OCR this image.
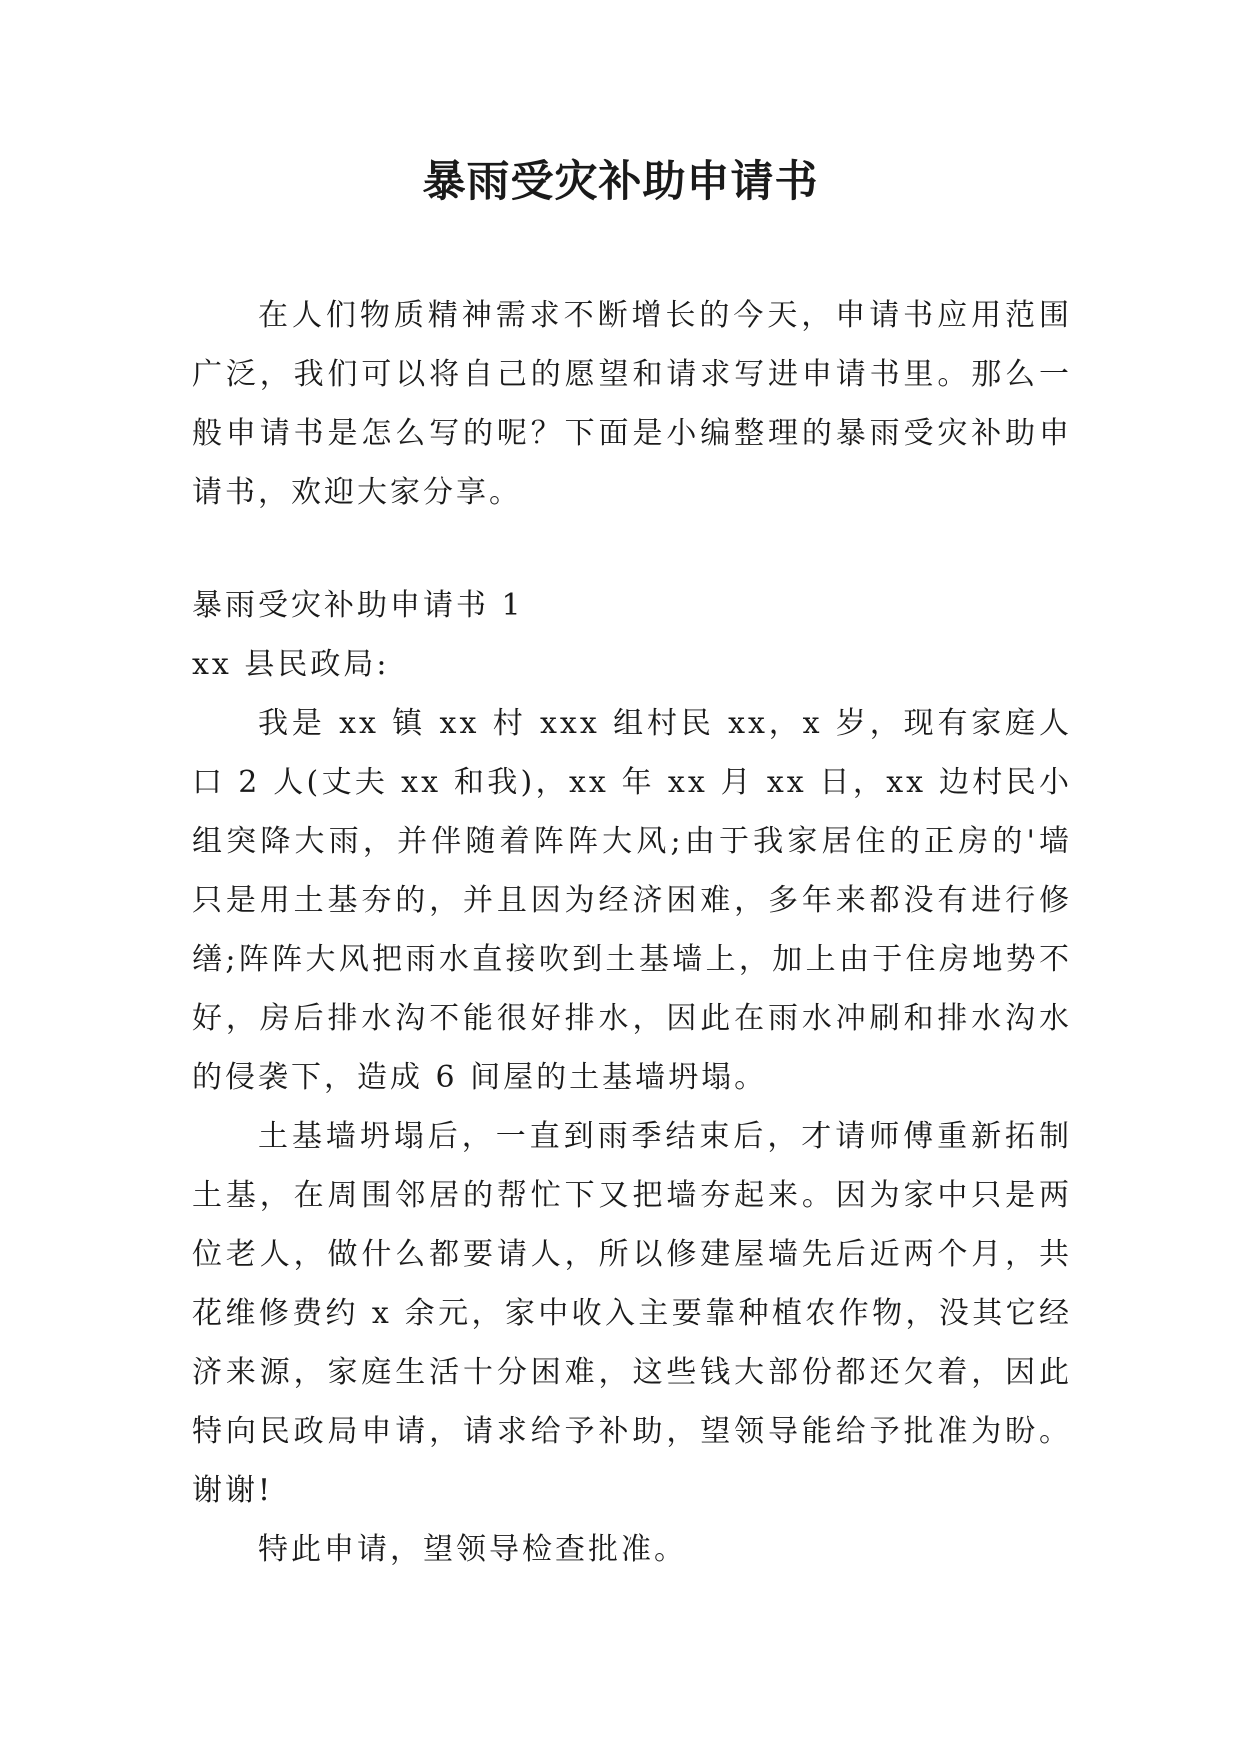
暴雨受灾补助申请书

在人们物质精神需求不断增长的今天，申请书应用范围广泛，我们可以将自己的愿望和请求写进申请书里。那么一般申请书是怎么写的呢？下面是小编整理的暴雨受灾补助申请书，欢迎大家分享。

暴雨受灾补助申请书 1

xx 县民政局:

我是 xx 镇 xx 村 xxx 组村民 xx，x 岁，现有家庭人口 2 人(丈夫 xx 和我)，xx 年 xx 月 xx 日，xx 边村民小组突降大雨，并伴随着阵阵大风;由于我家居住的正房的'墙只是用土基夯的，并且因为经济困难，多年来都没有进行修缮;阵阵大风把雨水直接吹到土基墙上，加上由于住房地势不好，房后排水沟不能很好排水，因此在雨水冲刷和排水沟水的侵袭下，造成 6 间屋的土基墙坍塌。

土基墙坍塌后，一直到雨季结束后，才请师傅重新拓制土基，在周围邻居的帮忙下又把墙夯起来。因为家中只是两位老人，做什么都要请人，所以修建屋墙先后近两个月，共花维修费约 x 余元，家中收入主要靠种植农作物，没其它经济来源，家庭生活十分困难，这些钱大部份都还欠着，因此特向民政局申请，请求给予补助，望领导能给予批准为盼。谢谢!

特此申请，望领导检查批准。
